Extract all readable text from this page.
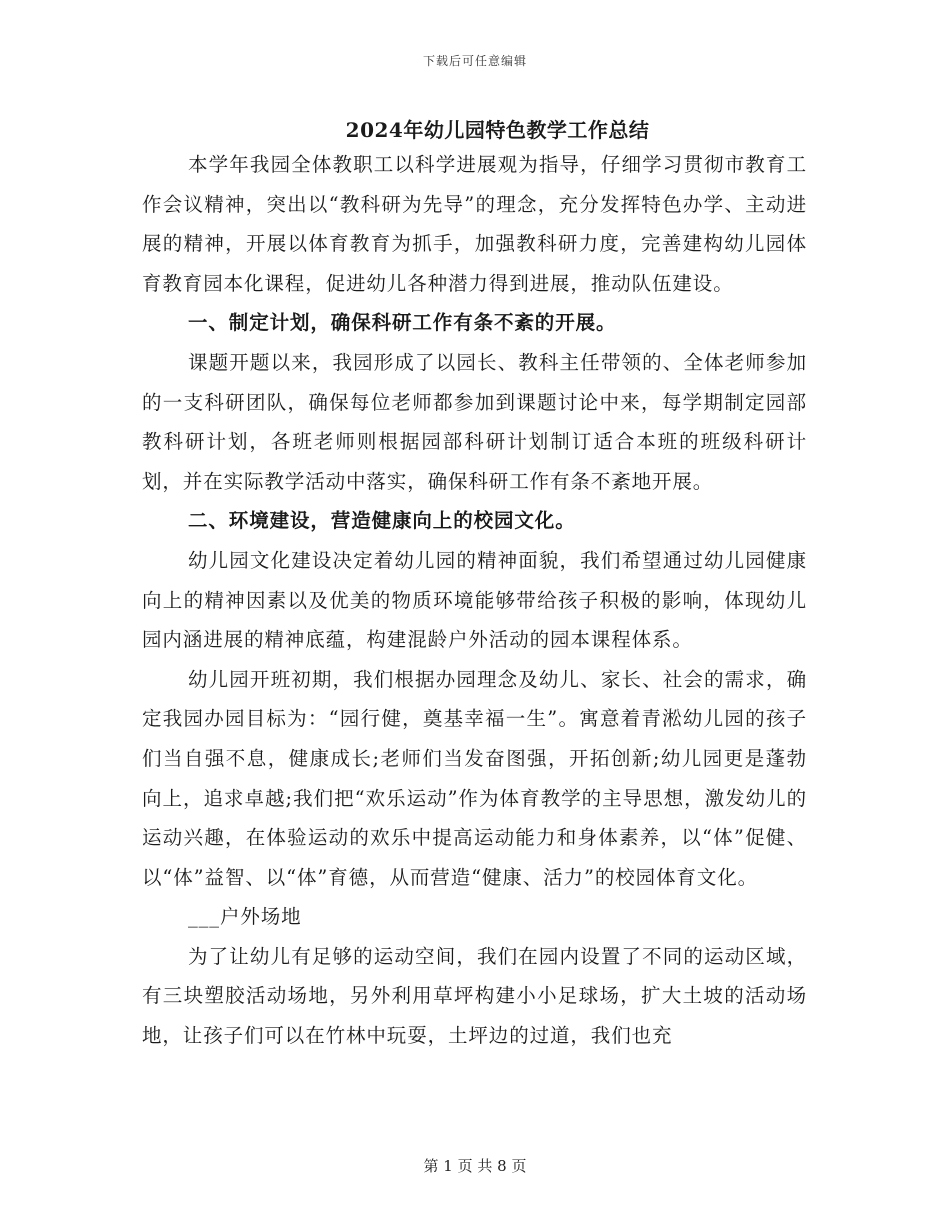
下载后可任意编辑
2024年幼儿园特色教学工作总结

本学年我园全体教职工以科学进展观为指导，仔细学习贯彻市教育工作会议精神，突出以“教科研为先导”的理念，充分发挥特色办学、主动进展的精神，开展以体育教育为抓手，加强教科研力度，完善建构幼儿园体育教育园本化课程，促进幼儿各种潜力得到进展，推动队伍建设。

一、制定计划，确保科研工作有条不紊的开展。

课题开题以来，我园形成了以园长、教科主任带领的、全体老师参加的一支科研团队，确保每位老师都参加到课题讨论中来，每学期制定园部教科研计划，各班老师则根据园部科研计划制订适合本班的班级科研计划，并在实际教学活动中落实，确保科研工作有条不紊地开展。

二、环境建设，营造健康向上的校园文化。

幼儿园文化建设决定着幼儿园的精神面貌，我们希望通过幼儿园健康向上的精神因素以及优美的物质环境能够带给孩子积极的影响，体现幼儿园内涵进展的精神底蕴，构建混龄户外活动的园本课程体系。

幼儿园开班初期，我们根据办园理念及幼儿、家长、社会的需求，确定我园办园目标为：“园行健，奠基幸福一生”。寓意着青淞幼儿园的孩子们当自强不息，健康成长;老师们当发奋图强，开拓创新;幼儿园更是蓬勃向上，追求卓越;我们把“欢乐运动”作为体育教学的主导思想，激发幼儿的运动兴趣，在体验运动的欢乐中提高运动能力和身体素养，以“体”促健、以“体”益智、以“体”育德，从而营造“健康、活力”的校园体育文化。

___户外场地

为了让幼儿有足够的运动空间，我们在园内设置了不同的运动区域，有三块塑胶活动场地，另外利用草坪构建小小足球场，扩大土坡的活动场地，让孩子们可以在竹林中玩耍，土坪边的过道，我们也充

第 1 页 共 8 页
